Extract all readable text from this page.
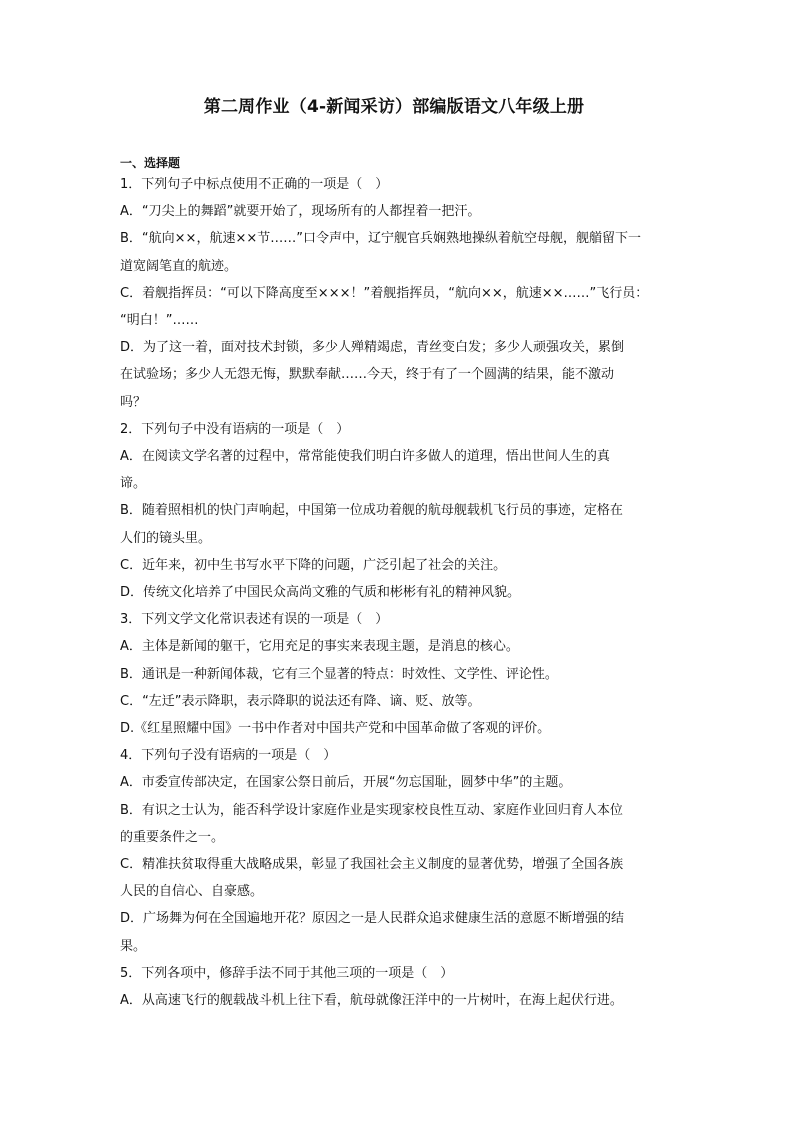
第二周作业（4-新闻采访）部编版语文八年级上册
一、选择题
1．下列句子中标点使用不正确的一项是（　）
A．“刀尖上的舞蹈”就要开始了，现场所有的人都捏着一把汗。
B．“航向××，航速××节……”口令声中，辽宁舰官兵娴熟地操纵着航空母舰，舰艏留下一
道宽阔笔直的航迹。
C．着舰指挥员：“可以下降高度至×××！”着舰指挥员，“航向××，航速××……”飞行员：
“明白！”……
D．为了这一着，面对技术封锁，多少人殚精竭虑，青丝变白发；多少人顽强攻关，累倒
在试验场；多少人无怨无悔，默默奉献……今天，终于有了一个圆满的结果，能不激动
吗？
2．下列句子中没有语病的一项是（　）
A．在阅读文学名著的过程中，常常能使我们明白许多做人的道理，悟出世间人生的真
谛。
B．随着照相机的快门声响起，中国第一位成功着舰的航母舰载机飞行员的事迹，定格在
人们的镜头里。
C．近年来，初中生书写水平下降的问题，广泛引起了社会的关注。
D．传统文化培养了中国民众高尚文雅的气质和彬彬有礼的精神风貌。
3．下列文学文化常识表述有误的一项是（　）
A．主体是新闻的躯干，它用充足的事实来表现主题，是消息的核心。
B．通讯是一种新闻体裁，它有三个显著的特点：时效性、文学性、评论性。
C．“左迁”表示降职，表示降职的说法还有降、谪、贬、放等。
D.《红星照耀中国》一书中作者对中国共产党和中国革命做了客观的评价。
4．下列句子没有语病的一项是（　）
A．市委宣传部决定，在国家公祭日前后，开展“勿忘国耻，圆梦中华”的主题。
B．有识之士认为，能否科学设计家庭作业是实现家校良性互动、家庭作业回归育人本位
的重要条件之一。
C．精准扶贫取得重大战略成果，彰显了我国社会主义制度的显著优势，增强了全国各族
人民的自信心、自豪感。
D．广场舞为何在全国遍地开花？原因之一是人民群众追求健康生活的意愿不断增强的结
果。
5．下列各项中，修辞手法不同于其他三项的一项是（　）
A．从高速飞行的舰载战斗机上往下看，航母就像汪洋中的一片树叶，在海上起伏行进。
